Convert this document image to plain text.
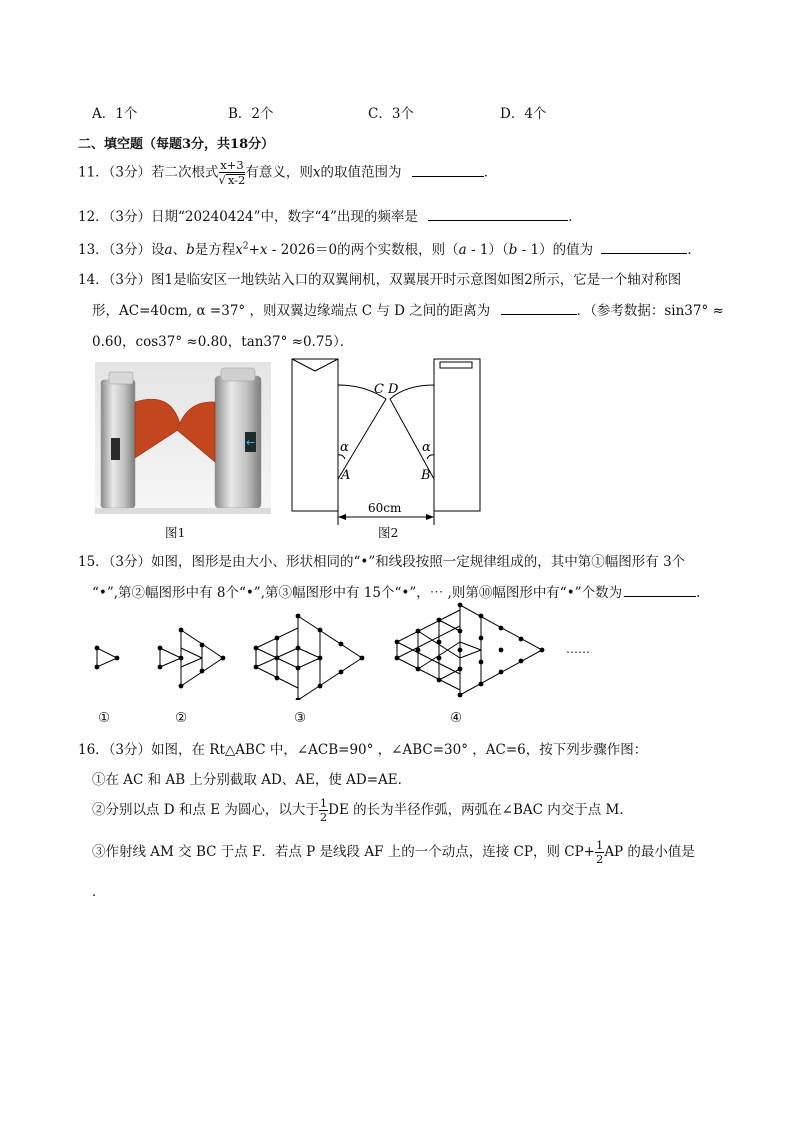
A．1个	B．2个	C．3个	D．4个
二、填空题（每题3分，共18分）
11．（3分）若二次根式 $\frac{x+3}{√ x-2}$ 有意义，则x的取值范围为	．
12．（3分）日期“20240424”中，数字“4”出现的频率是	．
13．（3分）设a、b是方程$x^2+x - 2026=0$的两个实数根，则（a - 1）（b - 1）的值为	．
14．（3分）图1是临安区一地铁站入口的双翼闸机，双翼展开时示意图如图2所示，它是一个轴对称图
形，AC=40cm, α =37° ，则双翼边缘端点 C 与 D 之间的距离为	．（参考数据：sin37° ≈
0.60，cos37° ≈0.80，tan37° ≈0.75）．
←
图1
C D
α	α
A	B
60cm
图2
15．（3分）如图，图形是由大小、形状相同的“•”和线段按照一定规律组成的，其中第①幅图形有 3个
“•”,第②幅图形中有 8个“•”,第③幅图形中有 15个“•”，⋯ ,则第⑩幅图形中有“•”个数为	.
……
①	②	③	④
16．（3分）如图，在 Rt△ABC 中，∠ACB=90° ，∠ABC=30° ，AC=6，按下列步骤作图：
①在 AC 和 AB 上分别截取 AD、AE，使 AD=AE．
②分别以点 D 和点 E 为圆心，以大于 $\frac{1}{2}$ DE 的长为半径作弧，两弧在∠BAC 内交于点 M．
③作射线 AM 交 BC 于点 F．若点 P 是线段 AF 上的一个动点，连接 CP，则 $CP+ \frac{1}{2}$ AP 的最小值是
．
